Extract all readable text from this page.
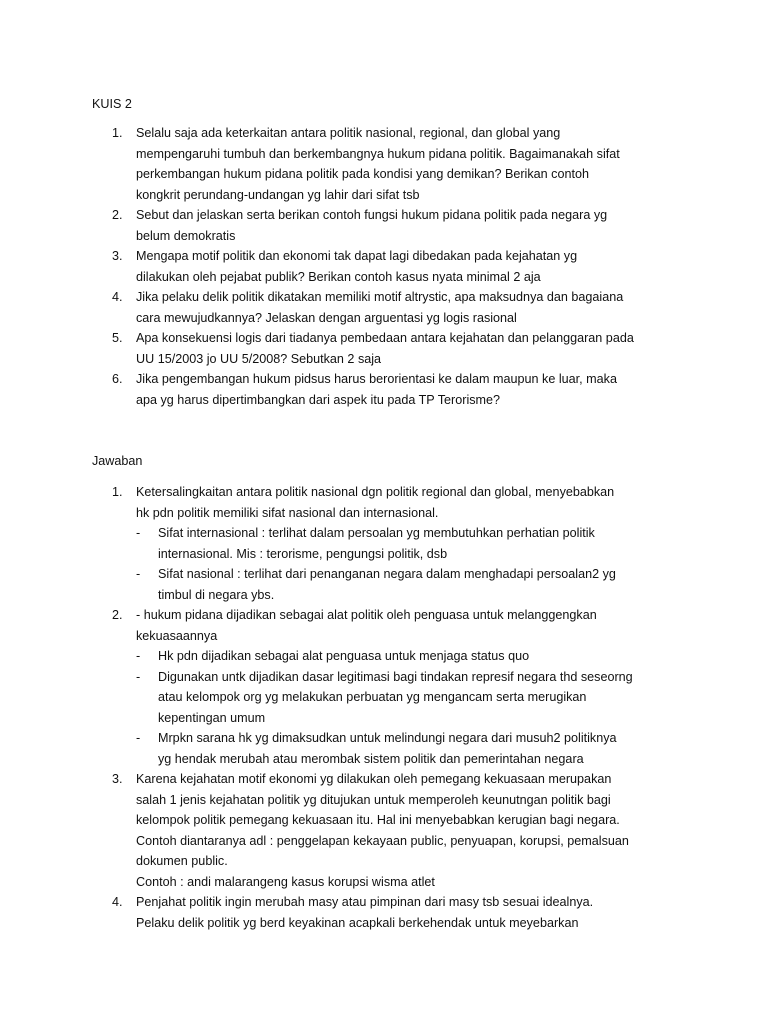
KUIS 2
1. Selalu saja ada keterkaitan antara politik nasional, regional, dan global yang
mempengaruhi tumbuh dan berkembangnya hukum pidana politik. Bagaimanakah sifat
perkembangan hukum pidana politik pada kondisi yang demikan? Berikan contoh
kongkrit perundang-undangan yg lahir dari sifat tsb
2. Sebut dan jelaskan serta berikan contoh fungsi hukum pidana politik pada negara yg
belum demokratis
3. Mengapa motif politik dan ekonomi tak dapat lagi dibedakan pada kejahatan yg
dilakukan oleh pejabat publik? Berikan contoh kasus nyata minimal 2 aja
4. Jika pelaku delik politik dikatakan memiliki motif altrystic, apa maksudnya dan bagaiana
cara mewujudkannya? Jelaskan dengan arguentasi yg logis rasional
5. Apa konsekuensi logis dari tiadanya pembedaan antara kejahatan dan pelanggaran pada
UU 15/2003 jo UU 5/2008? Sebutkan 2 saja
6. Jika pengembangan hukum pidsus harus berorientasi ke dalam maupun ke luar, maka
apa yg harus dipertimbangkan dari aspek itu pada TP Terorisme?
Jawaban
1. Ketersalingkaitan antara politik nasional dgn politik regional dan global, menyebabkan
hk pdn politik memiliki sifat nasional dan internasional.
- Sifat internasional : terlihat dalam persoalan yg membutuhkan perhatian politik
internasional. Mis : terorisme, pengungsi politik, dsb
- Sifat nasional : terlihat dari penanganan negara dalam menghadapi persoalan2 yg
timbul di negara ybs.
2. - hukum pidana dijadikan sebagai alat politik oleh penguasa untuk melanggengkan
kekuasaannya
- Hk pdn dijadikan sebagai alat penguasa untuk menjaga status quo
- Digunakan untk dijadikan dasar legitimasi bagi tindakan represif negara thd seseorng
atau kelompok org yg melakukan perbuatan yg mengancam serta merugikan
kepentingan umum
- Mrpkn sarana hk yg dimaksudkan untuk melindungi negara dari musuh2 politiknya
yg hendak merubah atau merombak sistem politik dan pemerintahan negara
3. Karena kejahatan motif ekonomi yg dilakukan oleh pemegang kekuasaan merupakan
salah 1 jenis kejahatan politik yg ditujukan untuk memperoleh keunutngan politik bagi
kelompok politik pemegang kekuasaan itu. Hal ini menyebabkan kerugian bagi negara.
Contoh diantaranya adl : penggelapan kekayaan public, penyuapan, korupsi, pemalsuan
dokumen public.
Contoh : andi malarangeng kasus korupsi wisma atlet
4. Penjahat politik ingin merubah masy atau pimpinan dari masy tsb sesuai idealnya.
Pelaku delik politik yg berd keyakinan acapkali berkehendak untuk meyebarkan
